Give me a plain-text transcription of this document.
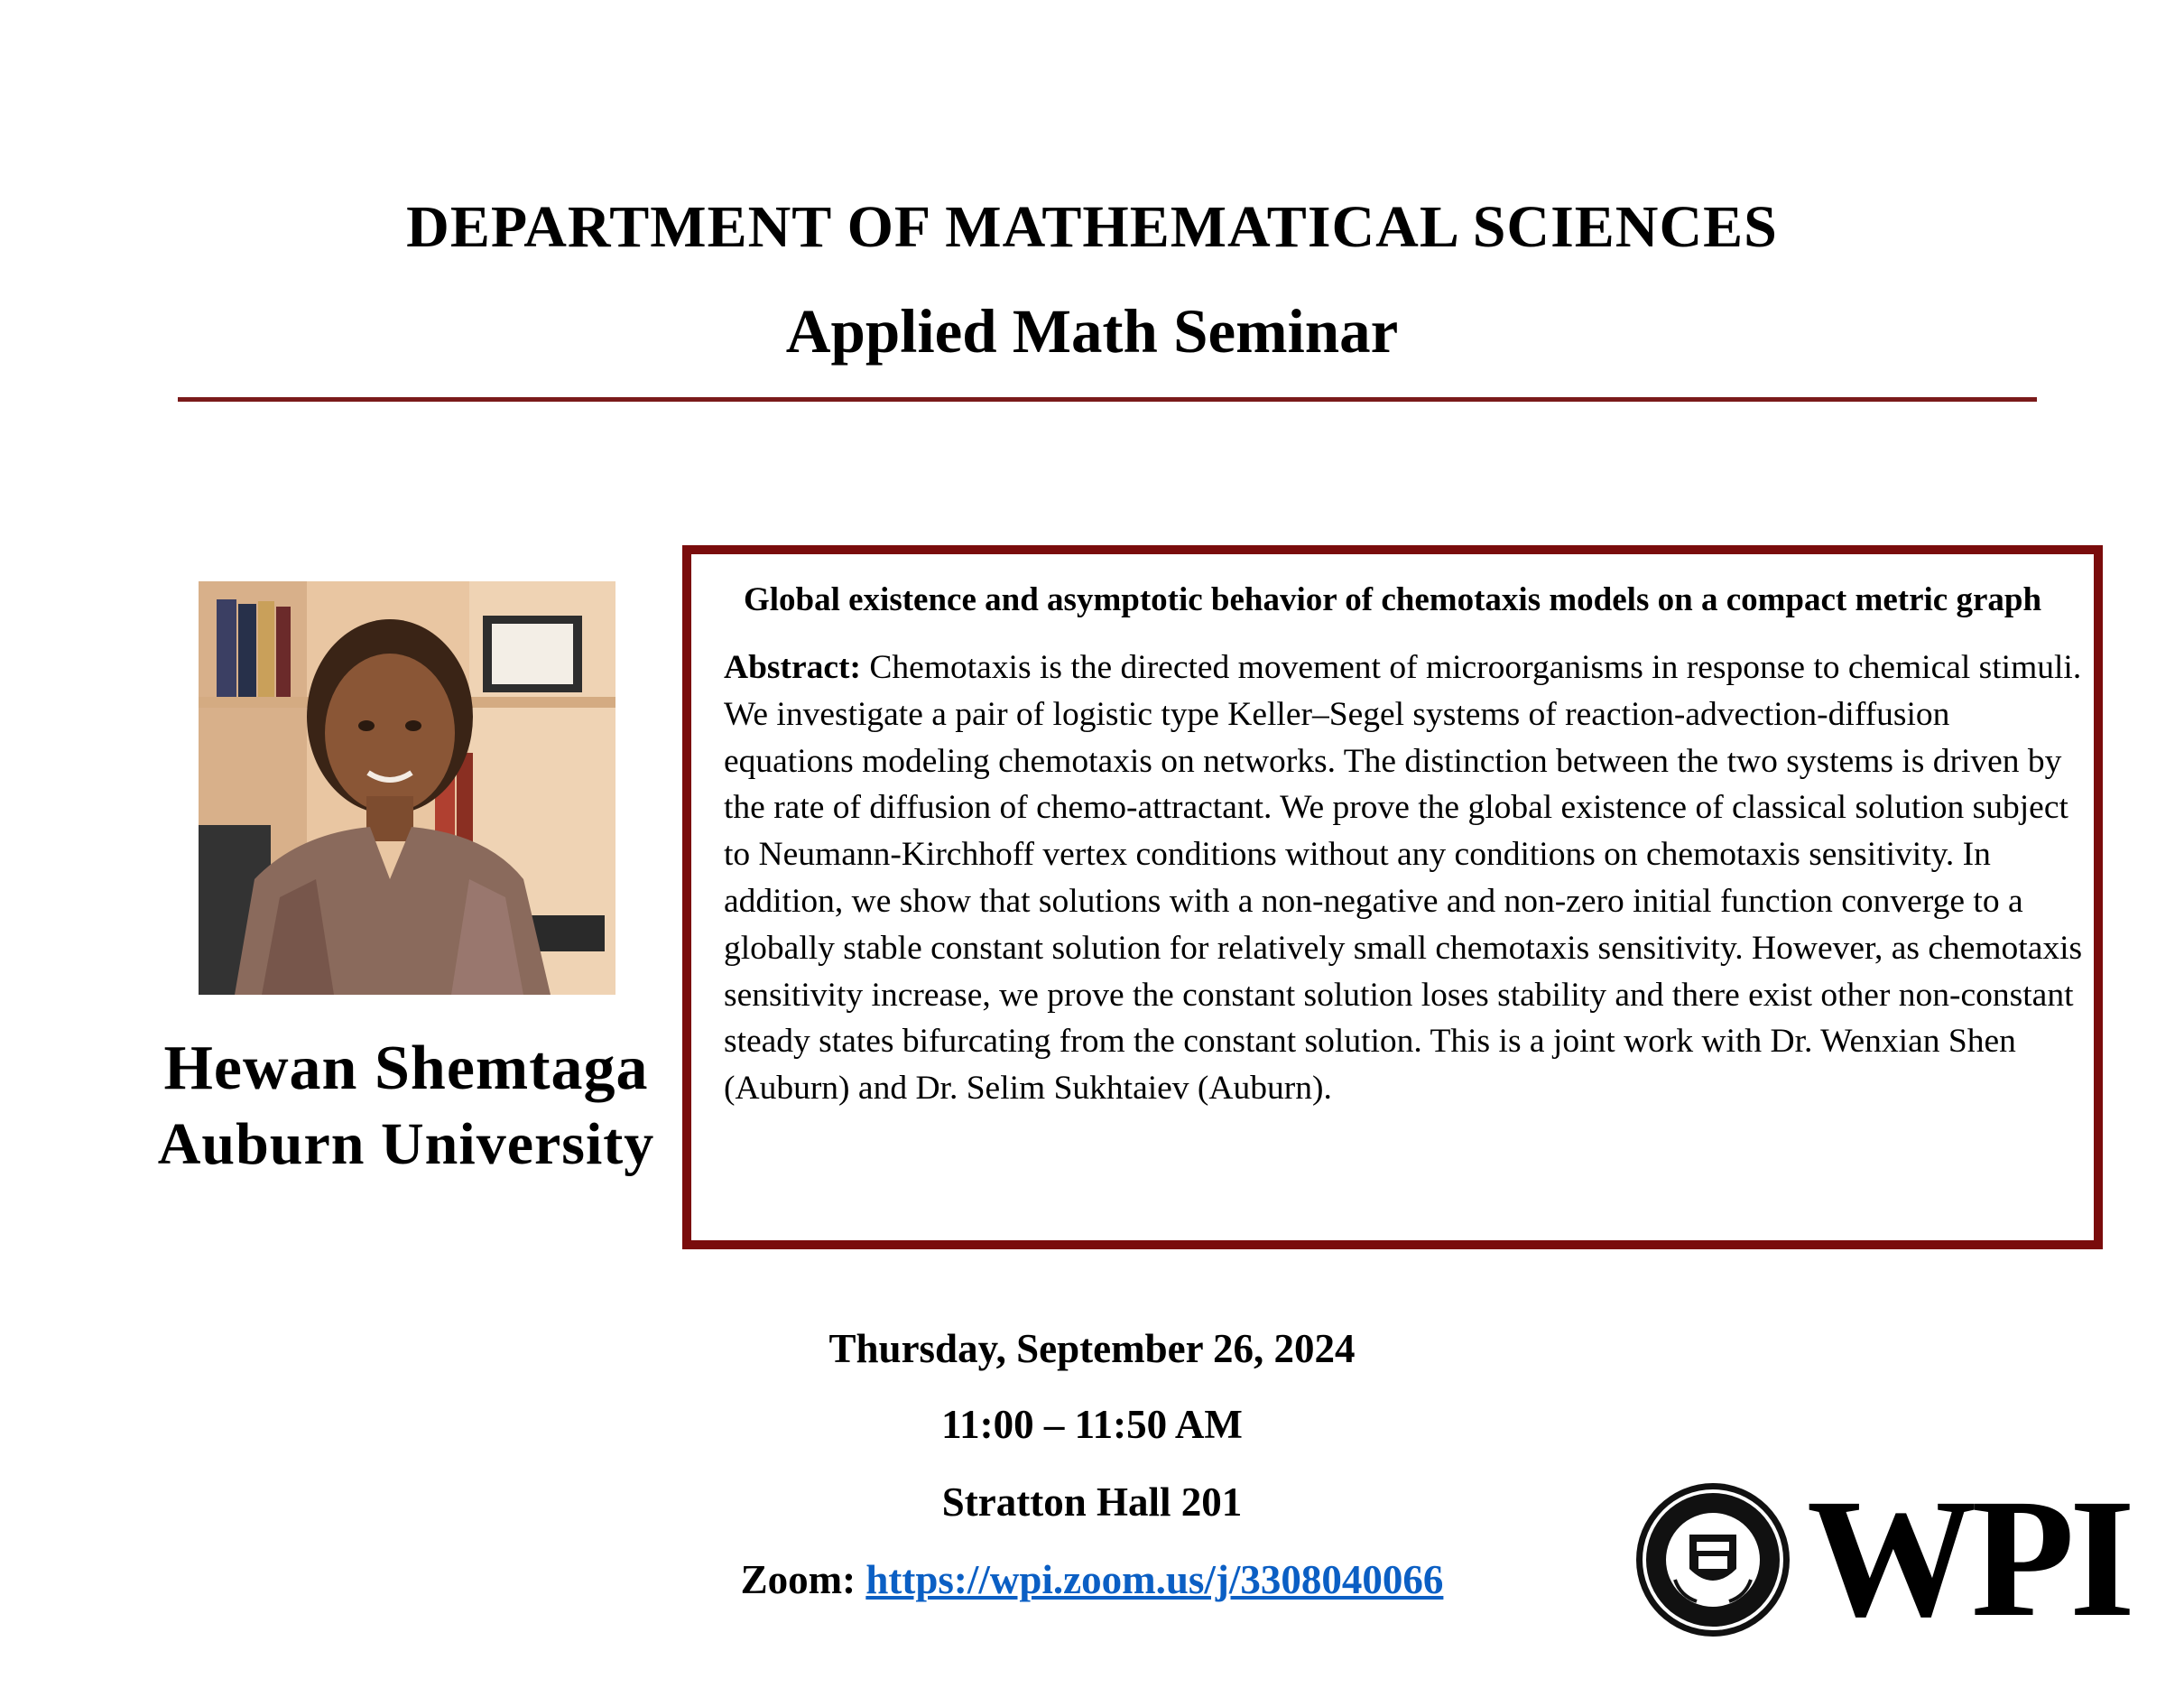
DEPARTMENT OF MATHEMATICAL SCIENCES
Applied Math Seminar
Hewan Shemtaga
Auburn University
Global existence and asymptotic behavior of chemotaxis models on a compact metric graph
Abstract: Chemotaxis is the directed movement of microorganisms in response to chemical stimuli. We investigate a pair of logistic type Keller–Segel systems of reaction-advection-diffusion equations modeling chemotaxis on networks. The distinction between the two systems is driven by the rate of diffusion of chemo-attractant. We prove the global existence of classical solution subject to Neumann-Kirchhoff vertex conditions without any conditions on chemotaxis sensitivity. In addition, we show that solutions with a non-negative and non-zero initial function converge to a globally stable constant solution for relatively small chemotaxis sensitivity. However, as chemotaxis sensitivity increase, we prove the constant solution loses stability and there exist other non-constant steady states bifurcating from the constant solution. This is a joint work with Dr. Wenxian Shen (Auburn) and Dr. Selim Sukhtaiev (Auburn).
Thursday, September 26, 2024
11:00 – 11:50 AM
Stratton Hall 201
Zoom: https://wpi.zoom.us/j/3308040066	WPI
